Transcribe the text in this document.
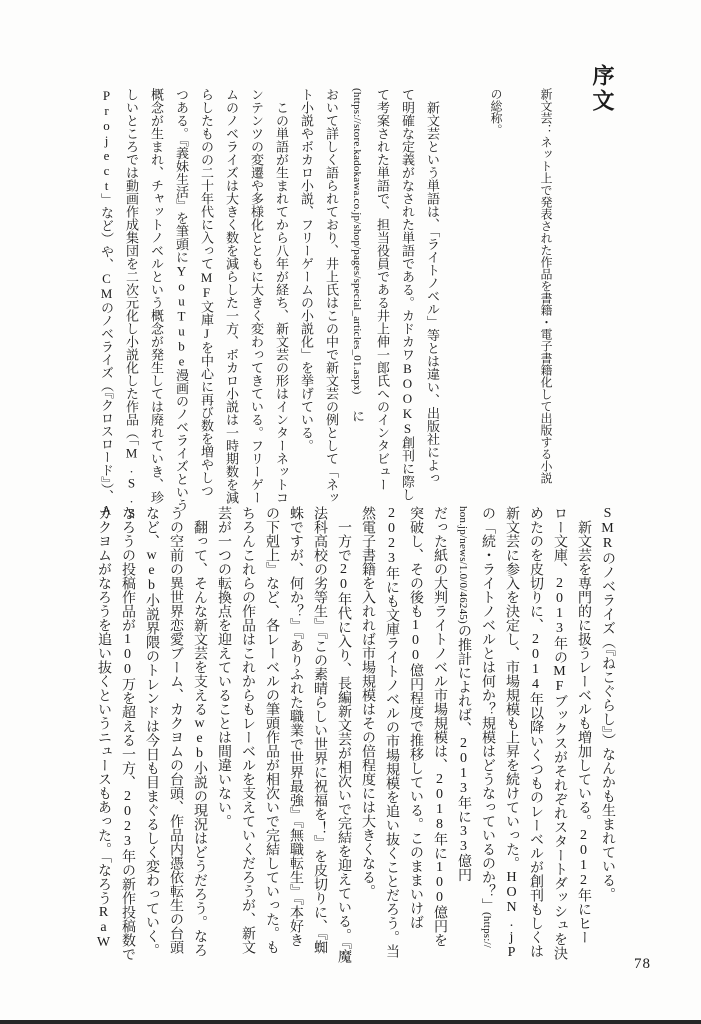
序文
新文芸：ネット上で発表された作品を書籍・電子書籍化して出版する小説
の総称。
　新文芸という単語は、「ライトノベル」等とは違い、出版社によっ
て明確な定義がなされた単語である。カドカワBOOKS創刊に際し
て考案された単語で、担当役員である井上伸一郎氏へのインタビュー
(https://store.kadokawa.co.jp/shop/pages/special_articles_01.aspx) に
おいて詳しく語られており、井上氏はこの中で新文芸の例として「ネッ
ト小説やボカロ小説、フリーゲームの小説化」を挙げている。
　この単語が生まれてから八年が経ち、新文芸の形はインターネットコ
ンテンツの変遷や多様化とともに大きく変わってきている。フリーゲー
ムのノベライズは大きく数を減らした一方、ボカロ小説は一時期数を減
らしたものの二十年代に入ってMF文庫Jを中心に再び数を増やしつ
つある。『義妹生活』を筆頭にYouTube漫画のノベライズという
概念が生まれ、チャットノベルという概念が発生しては廃れていき、珍
しいところでは動画作成集団を二次元化し小説化した作品（「M.S.S.
Project」など）や、CMのノベライズ（『クロスロード』）、A
SMRのノベライズ（『ねこぐらし』）なんかも生まれている。
　新文芸を専門的に扱うレーベルも増加している。2012年にヒー
ロー文庫、2013年のMFブックスがそれぞれスタートダッシュを決
めたのを皮切りに、2014年以降いくつものレーベルが創刊もしくは
新文芸に参入を決定し、市場規模も上昇を続けていった。HON.jP
の「続・ライトノベルとは何か？規模はどうなっているのか？」(https://
hon.jp/news/1.0/0/46245)の推計によれば、2013年に33億円
だった紙の大判ライトノベル市場規模は、2018年に100億円を
突破し、その後も100億円程度で推移している。このままいけば
2023年にも文庫ライトノベルの市場規模を追い抜くことだろう。当
然電子書籍を入れれば市場規模はその倍程度には大きくなる。
　一方で20年代に入り、長編新文芸が相次いで完結を迎えている。『魔
法科高校の劣等生』『この素晴らしい世界に祝福を！』を皮切りに、『蜘
蛛ですが、何か？』『ありふれた職業で世界最強』『無職転生』『本好き
の下剋上』など、各レーベルの筆頭作品が相次いで完結していった。も
ちろんこれらの作品はこれからもレーベルを支えていくだろうが、新文
芸が一つの転換点を迎えていることは間違いない。
　翻って、そんな新文芸を支えるweb小説の現況はどうだろう。なろ
うの空前の異世界恋愛ブーム、カクヨムの台頭、作品内憑依転生の台頭
など、web小説界隈のトレンドは今日も目まぐるしく変わっていく。
なろうの投稿作品が100万を超える一方、2023年の新作投稿数で
カクヨムがなろうを追い抜くというニュースもあった。「なろうRaW
78
